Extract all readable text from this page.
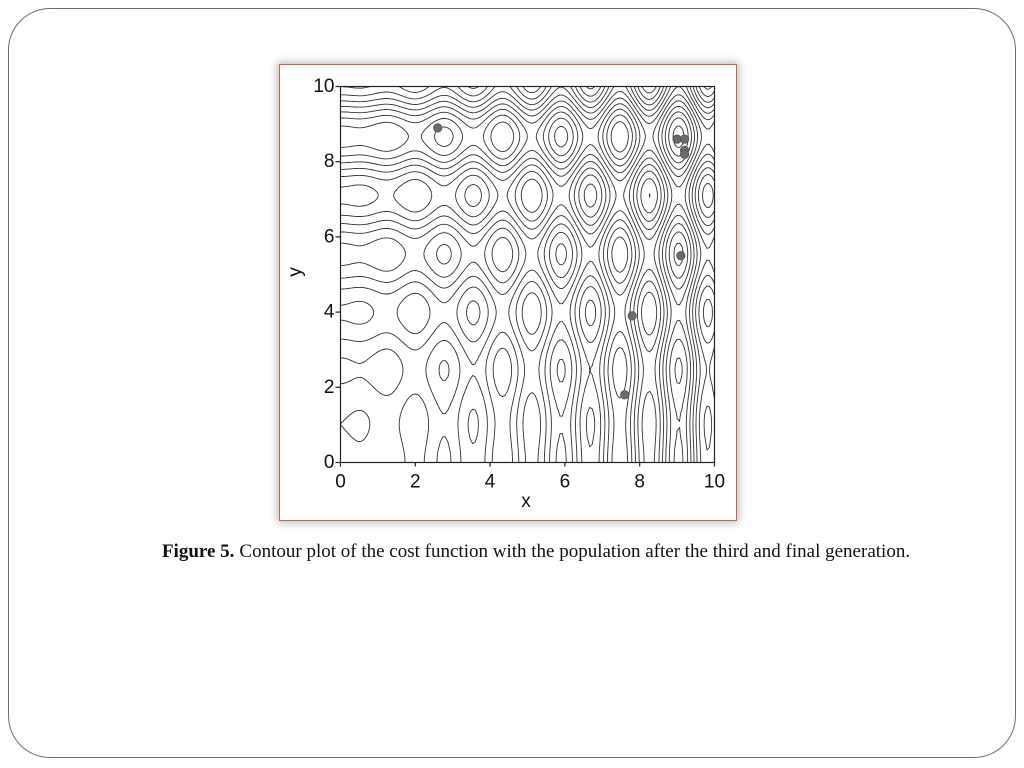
0
2
4
6
8
10
0	2	4	6	8	10
x
y
Figure 5. Contour plot of the cost function with the population after the third and final generation.
